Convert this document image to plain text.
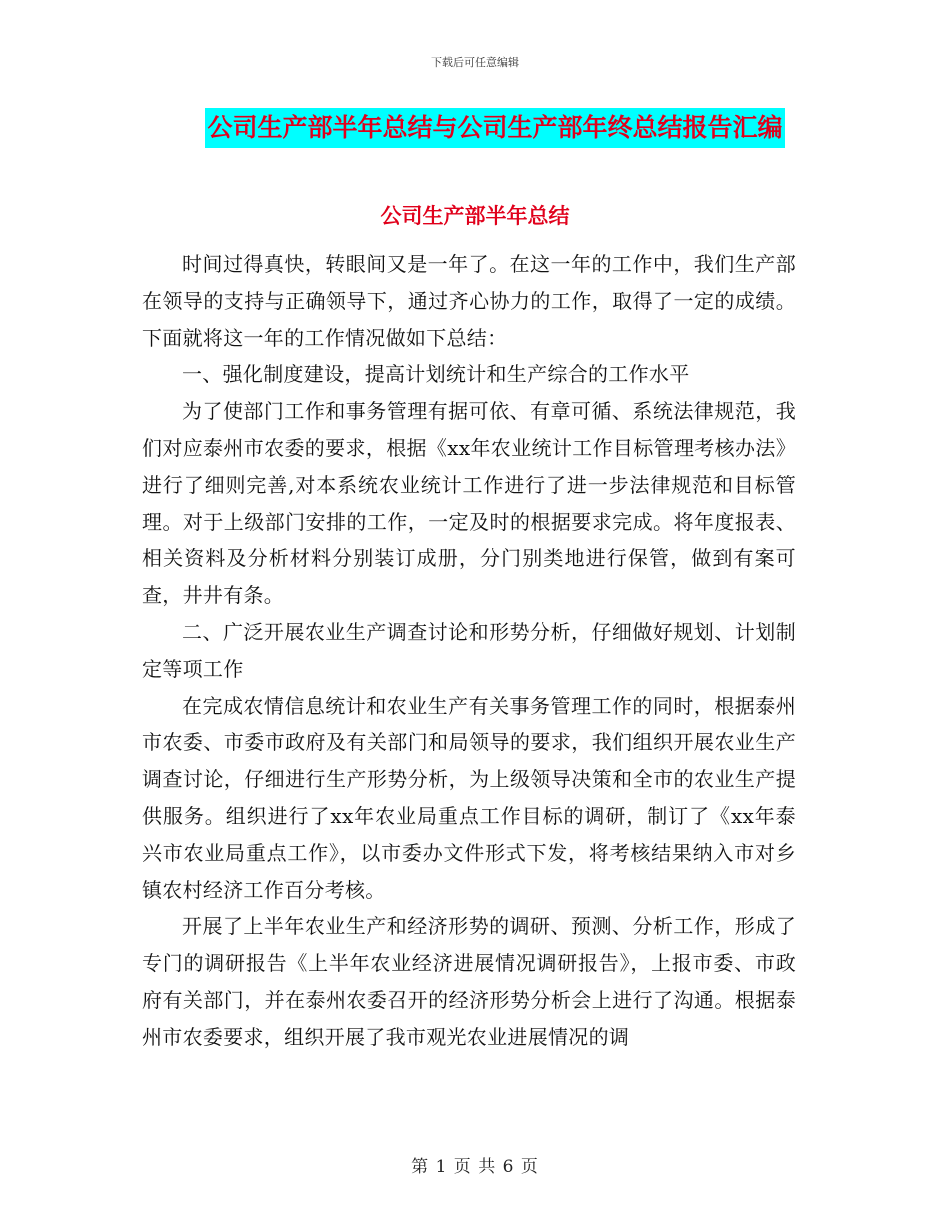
下载后可任意编辑
公司生产部半年总结与公司生产部年终总结报告汇编
公司生产部半年总结

时间过得真快，转眼间又是一年了。在这一年的工作中，我们生产部在领导的支持与正确领导下，通过齐心协力的工作，取得了一定的成绩。下面就将这一年的工作情况做如下总结：

一、强化制度建设，提高计划统计和生产综合的工作水平

为了使部门工作和事务管理有据可依、有章可循、系统法律规范，我们对应泰州市农委的要求，根据《xx年农业统计工作目标管理考核办法》进行了细则完善,对本系统农业统计工作进行了进一步法律规范和目标管理。对于上级部门安排的工作，一定及时的根据要求完成。将年度报表、相关资料及分析材料分别装订成册，分门别类地进行保管，做到有案可查，井井有条。

二、广泛开展农业生产调查讨论和形势分析，仔细做好规划、计划制定等项工作

在完成农情信息统计和农业生产有关事务管理工作的同时，根据泰州市农委、市委市政府及有关部门和局领导的要求，我们组织开展农业生产调查讨论，仔细进行生产形势分析，为上级领导决策和全市的农业生产提供服务。组织进行了xx年农业局重点工作目标的调研，制订了《xx年泰兴市农业局重点工作》，以市委办文件形式下发，将考核结果纳入市对乡镇农村经济工作百分考核。

开展了上半年农业生产和经济形势的调研、预测、分析工作，形成了专门的调研报告《上半年农业经济进展情况调研报告》，上报市委、市政府有关部门，并在泰州农委召开的经济形势分析会上进行了沟通。根据泰州市农委要求，组织开展了我市观光农业进展情况的调

第 1 页 共 6 页
